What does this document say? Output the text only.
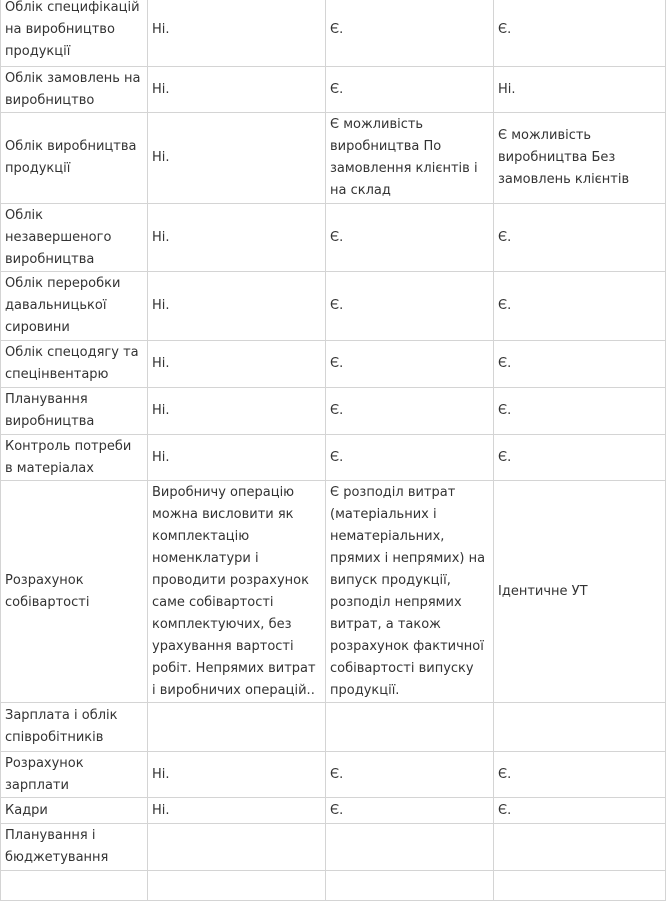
Облік специфікацій на виробництво продукції	Ні.	Є.	Є.
Облік замовлень на виробництво	Ні.	Є.	Ні.
Облік виробництва продукції	Ні.	Є можливість виробництва По замовлення клієнтів і на склад	Є можливість виробництва Без замовлень клієнтів
Облік незавершеного виробництва	Ні.	Є.	Є.
Облік переробки давальницької сировини	Ні.	Є.	Є.
Облік спецодягу та спецінвентарю	Ні.	Є.	Є.
Планування виробництва	Ні.	Є.	Є.
Контроль потреби в матеріалах	Ні.	Є.	Є.
Розрахунок собівартості	Виробничу операцію можна висловити як комплектацію номенклатури і проводити розрахунок саме собівартості комплектуючих, без урахування вартості робіт. Непрямих витрат і виробничих операцій..	Є розподіл витрат (матеріальних і нематеріальних, прямих і непрямих) на випуск продукції, розподіл непрямих витрат, а також розрахунок фактичної собівартості випуску продукції.	Ідентичне УТ
Зарплата і облік співробітників			
Розрахунок зарплати	Ні.	Є.	Є.
Кадри	Ні.	Є.	Є.
Планування і бюджетування			
